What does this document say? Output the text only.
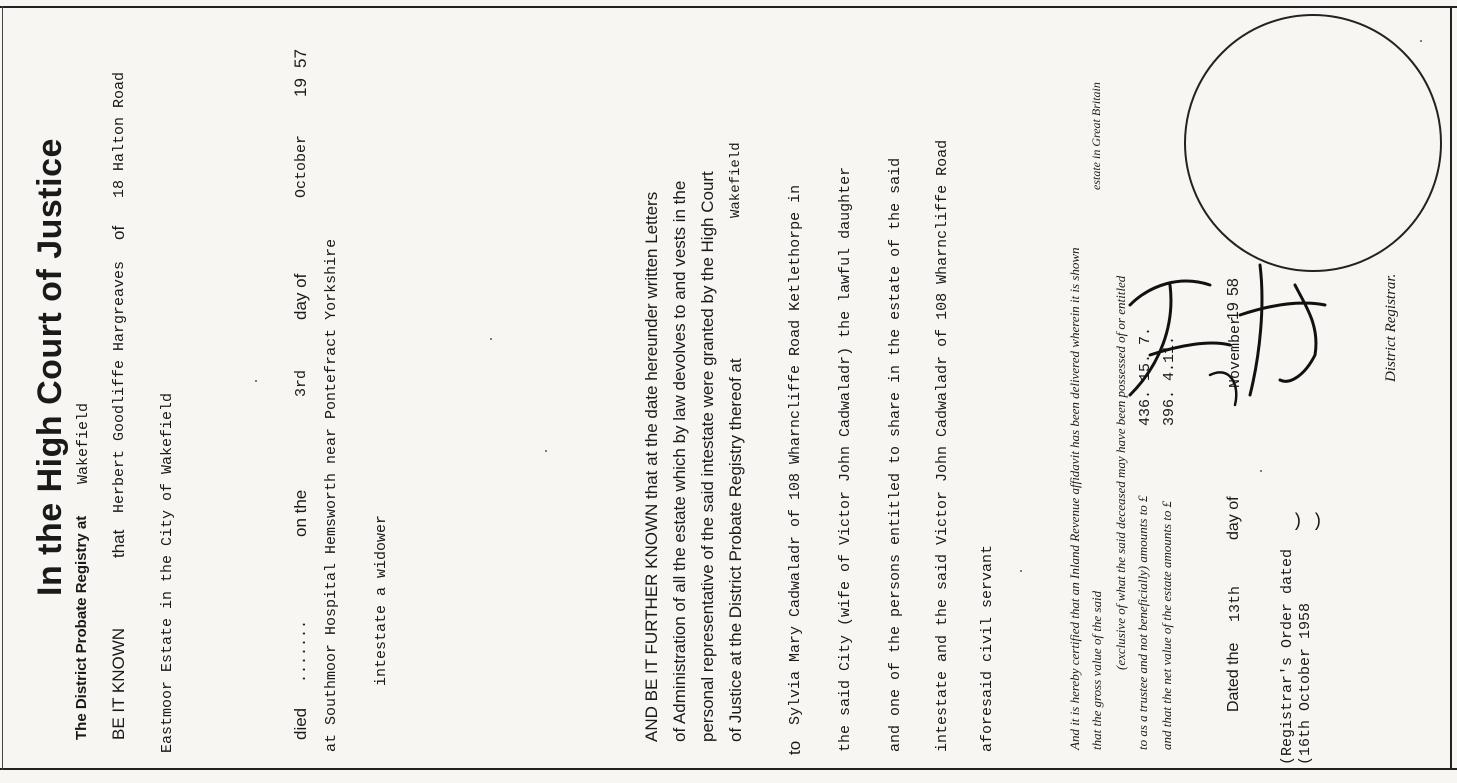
In the High Court of Justice
The District Probate Registry at
Wakefield
BE IT KNOWN
that
Herbert Goodliffe Hargreaves
of
18 Halton Road
Eastmoor Estate in the City of Wakefield	died
.......
on the
3rd
day of
October
19
57
at Southmoor Hospital Hemsworth near Pontefract Yorkshire intestate a widower	AND BE IT FURTHER KNOWN that at the date hereunder written Letters of Administration of all the estate which by law devolves to and vests in the personal representative of the said intestate were granted by the High Court of Justice at the District Probate Registry thereof at
Wakefield
to
Sylvia Mary Cadwaladr of 108 Wharncliffe Road Ketlethorpe in the said City (wife of Victor John Cadwaladr) the lawful daughter and one of the persons entitled to share in the estate of the said intestate and the said Victor John Cadwaladr of 108 Wharncliffe Road aforesaid civil servant	And it is hereby certified that an Inland Revenue affidavit has been delivered wherein it is shown
estate in Great Britain
that the gross value of the said
(exclusive of what the said deceased may have been possessed of or entitled to as a trustee and not beneficially) amounts to £
436. 15. 7.
and that the net value of the estate amounts to £
396. 4.11.
Dated the
13th
day of
November
19
58
(Registrar's Order dated (16th October 1958
) )
District Registrar.
